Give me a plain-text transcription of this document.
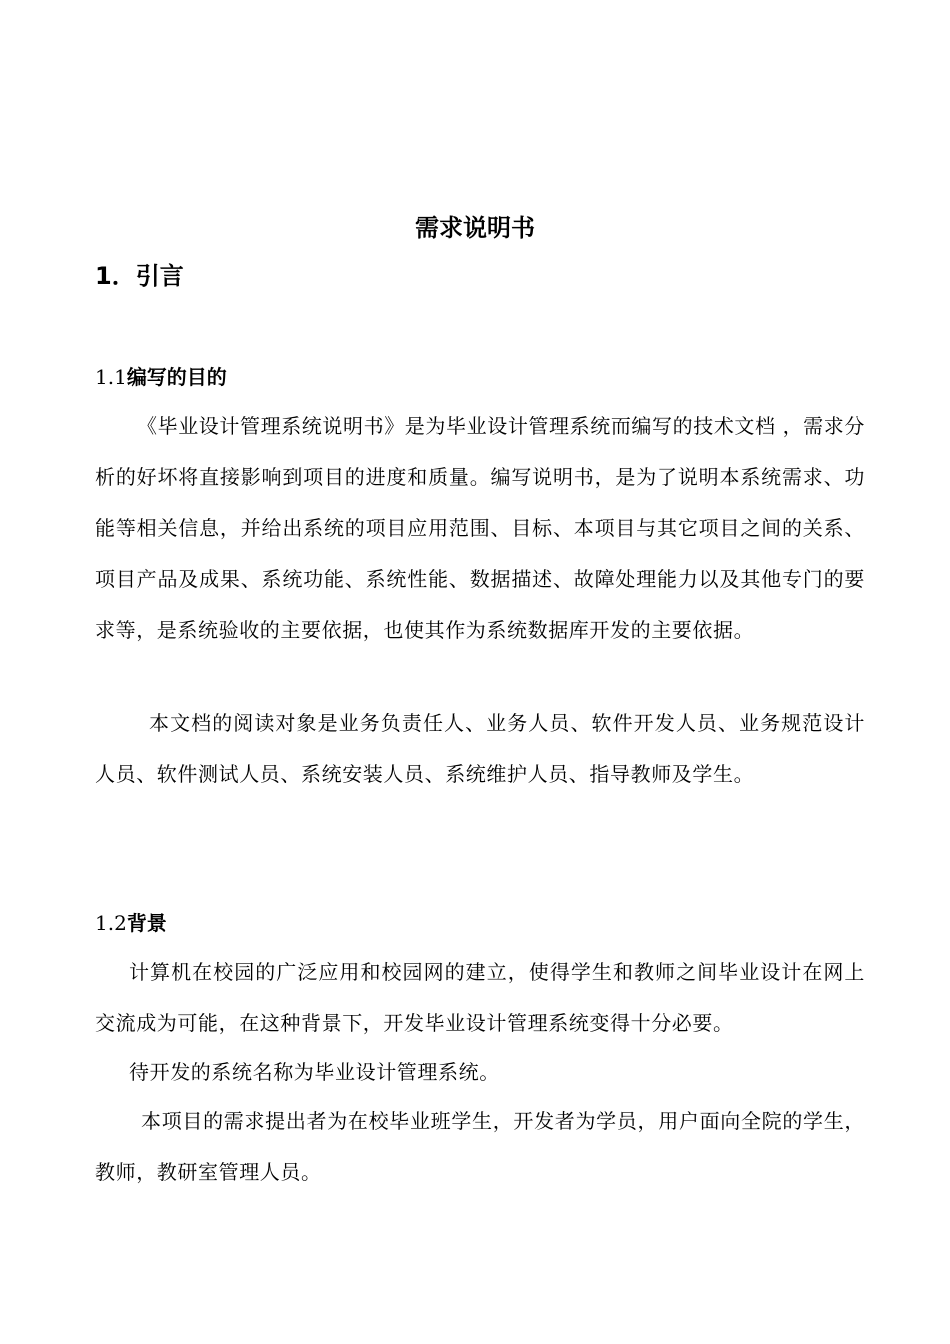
需求说明书
1．引言
1.1编写的目的

《毕业设计管理系统说明书》是为毕业设计管理系统而编写的技术文档 ，需求分析的好坏将直接影响到项目的进度和质量。编写说明书，是为了说明本系统需求、功能等相关信息，并给出系统的项目应用范围、目标、本项目与其它项目之间的关系、项目产品及成果、系统功能、系统性能、数据描述、故障处理能力以及其他专门的要求等，是系统验收的主要依据，也使其作为系统数据库开发的主要依据。

本文档的阅读对象是业务负责任人、业务人员、软件开发人员、业务规范设计人员、软件测试人员、系统安装人员、系统维护人员、指导教师及学生。

1.2背景

计算机在校园的广泛应用和校园网的建立，使得学生和教师之间毕业设计在网上交流成为可能，在这种背景下，开发毕业设计管理系统变得十分必要。

待开发的系统名称为毕业设计管理系统。

本项目的需求提出者为在校毕业班学生，开发者为学员，用户面向全院的学生，教师，教研室管理人员。
